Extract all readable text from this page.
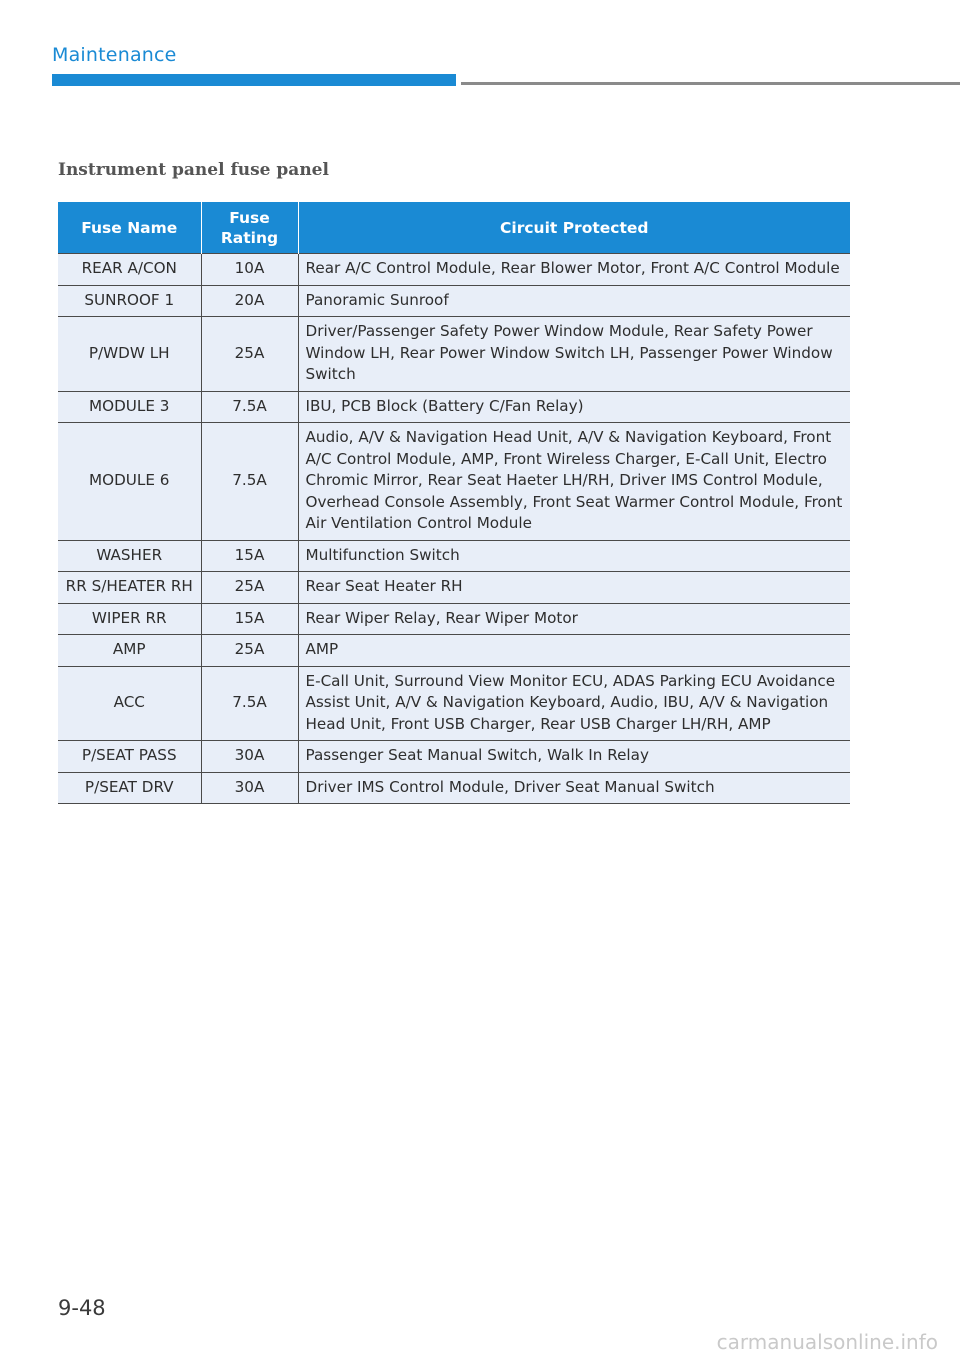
Maintenance
Instrument panel fuse panel
Fuse Name	Fuse Rating	Circuit Protected
REAR A/CON	10A	Rear A/C Control Module, Rear Blower Motor, Front A/C Control Module
SUNROOF 1	20A	Panoramic Sunroof
P/WDW LH	25A	Driver/Passenger Safety Power Window Module, Rear Safety Power Window LH, Rear Power Window Switch LH, Passenger Power Window Switch
MODULE 3	7.5A	IBU, PCB Block (Battery C/Fan Relay)
MODULE 6	7.5A	Audio, A/V & Navigation Head Unit, A/V & Navigation Keyboard, Front A/C Control Module, AMP, Front Wireless Charger, E-Call Unit, Electro Chromic Mirror, Rear Seat Haeter LH/RH, Driver IMS Control Module, Overhead Console Assembly, Front Seat Warmer Control Module, Front Air Ventilation Control Module
WASHER	15A	Multifunction Switch
RR S/HEATER RH	25A	Rear Seat Heater RH
WIPER RR	15A	Rear Wiper Relay, Rear Wiper Motor
AMP	25A	AMP
ACC	7.5A	E-Call Unit, Surround View Monitor ECU, ADAS Parking ECU Avoidance Assist Unit, A/V & Navigation Keyboard, Audio, IBU, A/V & Navigation Head Unit, Front USB Charger, Rear USB Charger LH/RH, AMP
P/SEAT PASS	30A	Passenger Seat Manual Switch, Walk In Relay
P/SEAT DRV	30A	Driver IMS Control Module, Driver Seat Manual Switch
9-48
carmanualsonline.info
